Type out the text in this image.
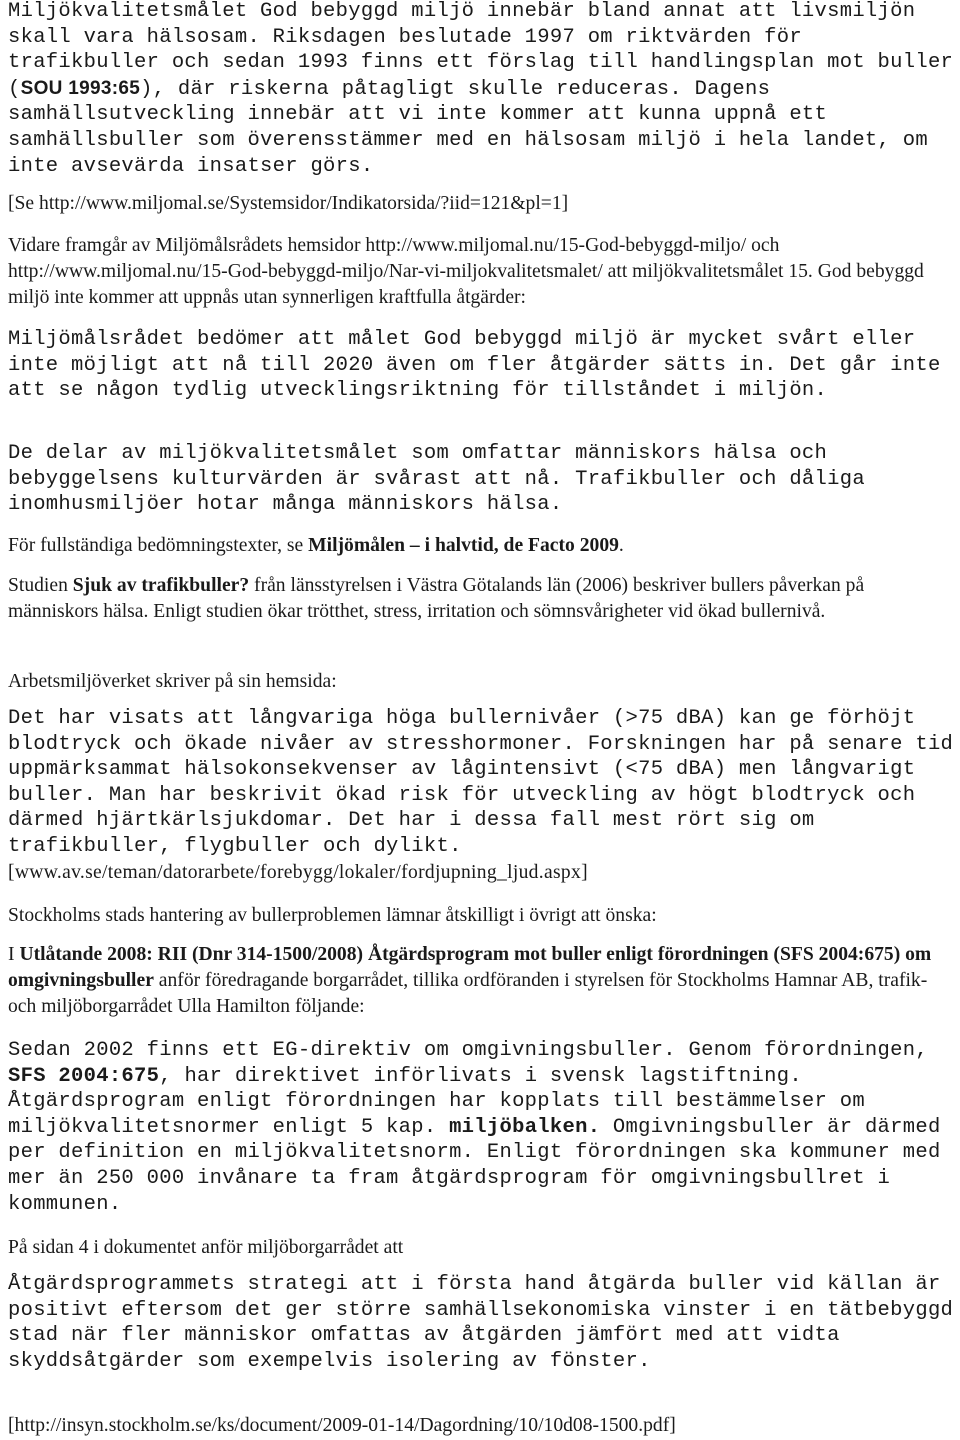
Miljökvalitetsmålet God bebyggd miljö innebär bland annat att livsmiljön skall vara hälsosam. Riksdagen beslutade 1997 om riktvärden för trafikbuller och sedan 1993 finns ett förslag till handlingsplan mot buller (SOU 1993:65), där riskerna påtagligt skulle reduceras. Dagens samhällsutveckling innebär att vi inte kommer att kunna uppnå ett samhällsbuller som överensstämmer med en hälsosam miljö i hela landet, om inte avsevärda insatser görs.

[Se http://www.miljomal.se/Systemsidor/Indikatorsida/?iid=121&pl=1]

Vidare framgår av Miljömålsrådets hemsidor http://www.miljomal.nu/15-God-bebyggd-miljo/ och http://www.miljomal.nu/15-God-bebyggd-miljo/Nar-vi-miljokvalitetsmalet/ att miljökvalitetsmålet 15. God bebyggd miljö inte kommer att uppnås utan synnerligen kraftfulla åtgärder:

Miljömålsrådet bedömer att målet God bebyggd miljö är mycket svårt eller inte möjligt att nå till 2020 även om fler åtgärder sätts in. Det går inte att se någon tydlig utvecklingsriktning för tillståndet i miljön.

De delar av miljökvalitetsmålet som omfattar människors hälsa och bebyggelsens kulturvärden är svårast att nå. Trafikbuller och dåliga inomhusmiljöer hotar många människors hälsa.

För fullständiga bedömningstexter, se Miljömålen – i halvtid, de Facto 2009.

Studien Sjuk av trafikbuller? från länsstyrelsen i Västra Götalands län (2006) beskriver bullers påverkan på människors hälsa. Enligt studien ökar trötthet, stress, irritation och sömnsvårigheter vid ökad bullernivå.

Arbetsmiljöverket skriver på sin hemsida:

Det har visats att långvariga höga bullernivåer (>75 dBA) kan ge förhöjt blodtryck och ökade nivåer av stresshormoner. Forskningen har på senare tid uppmärksammat hälsokonsekvenser av lågintensivt (<75 dBA) men långvarigt buller. Man har beskrivit ökad risk för utveckling av högt blodtryck och därmed hjärtkärlsjukdomar. Det har i dessa fall mest rört sig om trafikbuller, flygbuller och dylikt.[www.av.se/teman/datorarbete/forebygg/lokaler/fordjupning_ljud.aspx]

Stockholms stads hantering av bullerproblemen lämnar åtskilligt i övrigt att önska:

I Utlåtande 2008: RII (Dnr 314-1500/2008) Åtgärdsprogram mot buller enligt förordningen (SFS 2004:675) om omgivningsbuller anför föredragande borgarrådet, tillika ordföranden i styrelsen för Stockholms Hamnar AB, trafik- och miljöborgarrådet Ulla Hamilton följande:

Sedan 2002 finns ett EG-direktiv om omgivningsbuller. Genom förordningen, SFS 2004:675, har direktivet införlivats i svensk lagstiftning. Åtgärdsprogram enligt förordningen har kopplats till bestämmelser om miljökvalitetsnormer enligt 5 kap. miljöbalken. Omgivningsbuller är därmed per definition en miljökvalitetsnorm. Enligt förordningen ska kommuner med mer än 250 000 invånare ta fram åtgärdsprogram för omgivningsbullret i kommunen.

På sidan 4 i dokumentet anför miljöborgarrådet att

Åtgärdsprogrammets strategi att i första hand åtgärda buller vid källan är positivt eftersom det ger större samhällsekonomiska vinster i en tätbebyggd stad när fler människor omfattas av åtgärden jämfört med att vidta skyddsåtgärder som exempelvis isolering av fönster.

[http://insyn.stockholm.se/ks/document/2009-01-14/Dagordning/10/10d08-1500.pdf]
